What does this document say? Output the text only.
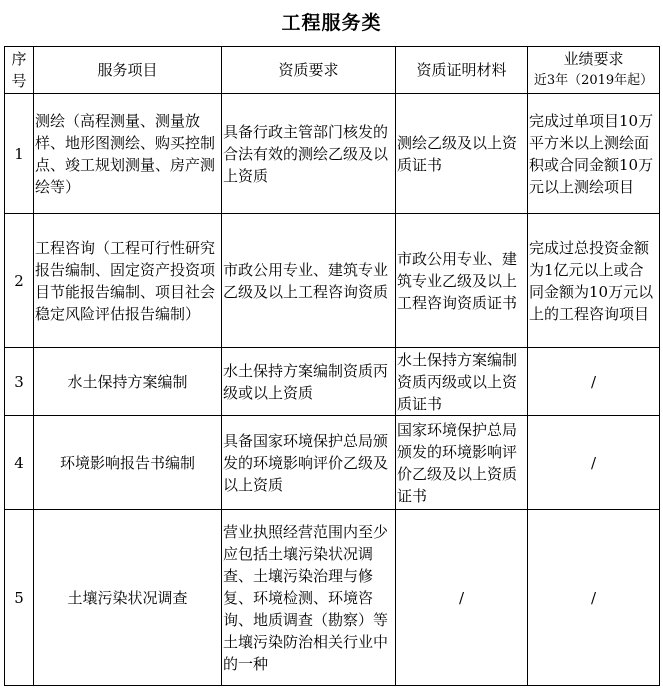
工程服务类
序号	服务项目	资质要求	资质证明材料	业绩要求
近3年（2019年起）

1	测绘（高程测量、测量放样、地形图测绘、购买控制点、竣工规划测量、房产测绘等）	具备行政主管部门核发的合法有效的测绘乙级及以上资质	测绘乙级及以上资质证书	完成过单项目10万平方米以上测绘面积或合同金额10万元以上测绘项目
2	工程咨询（工程可行性研究报告编制、固定资产投资项目节能报告编制、项目社会稳定风险评估报告编制）	市政公用专业、建筑专业乙级及以上工程咨询资质	市政公用专业、建筑专业乙级及以上工程咨询资质证书	完成过总投资金额为1亿元以上或合同金额为10万元以上的工程咨询项目
3	水土保持方案编制	水土保持方案编制资质丙级或以上资质	水土保持方案编制资质丙级或以上资质证书	/
4	环境影响报告书编制	具备国家环境保护总局颁发的环境影响评价乙级及以上资质	国家环境保护总局颁发的环境影响评价乙级及以上资质证书	/
5	土壤污染状况调查	营业执照经营范围内至少应包括土壤污染状况调查、土壤污染治理与修复、环境检测、环境咨询、地质调查（勘察）等土壤污染防治相关行业中的一种	/	/
